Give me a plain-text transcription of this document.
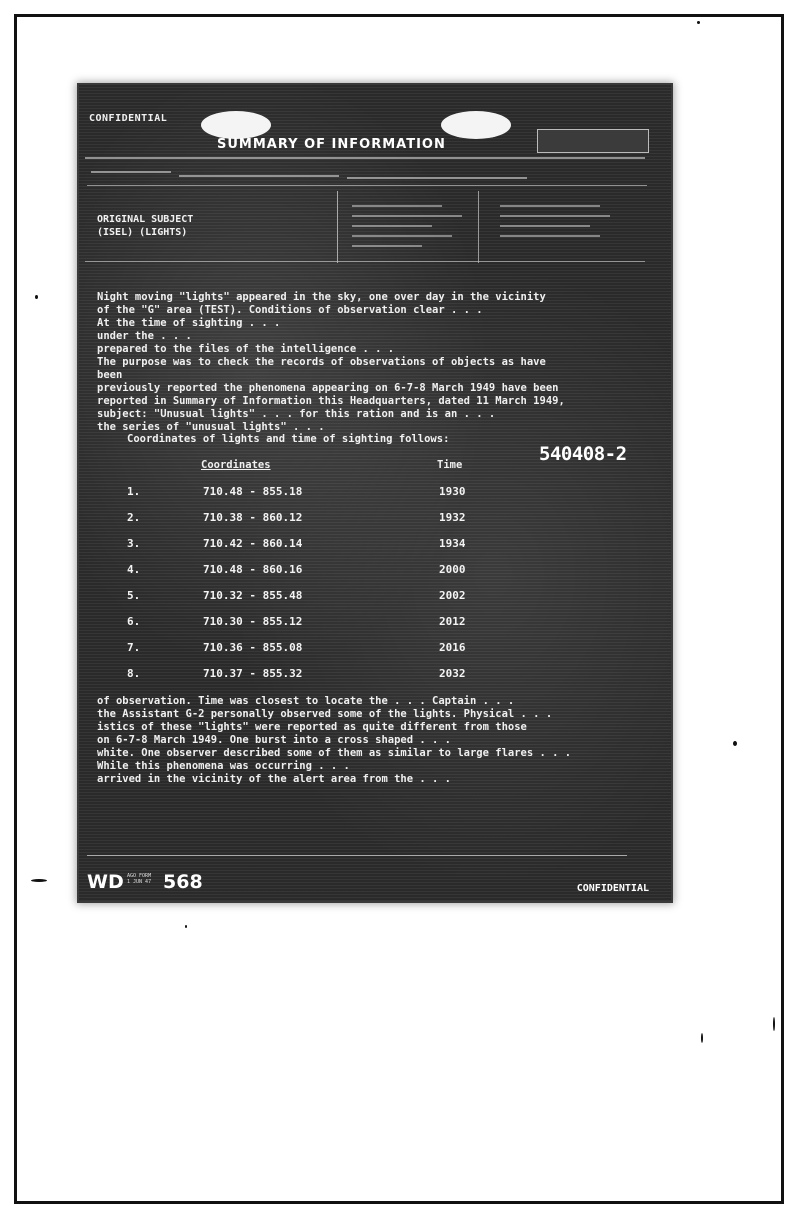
CONFIDENTIAL
SUMMARY OF INFORMATION
ORIGINAL SUBJECT
(ISEL) (LIGHTS)
Night moving "lights" appeared in the sky, one over day in the vicinity
of the "G" area (TEST). Conditions of observation clear . . .
At the time of sighting . . .
under the . . .
prepared to the files of the intelligence . . .
The purpose was to check the records of observations of objects as have been
previously reported the phenomena appearing on 6-7-8 March 1949 have been
reported in Summary of Information this Headquarters, dated 11 March 1949,
subject: "Unusual lights" . . . for this ration and is an . . .
the series of "unusual lights" . . .
Coordinates of lights and time of sighting follows:
540408-2
Coordinates	Time
1.	710.48 - 855.18	1930
2.	710.38 - 860.12	1932
3.	710.42 - 860.14	1934
4.	710.48 - 860.16	2000
5.	710.32 - 855.48	2002
6.	710.30 - 855.12	2012
7.	710.36 - 855.08	2016
8.	710.37 - 855.32	2032
of observation. Time was closest to locate the . . . Captain . . .
the Assistant G-2 personally observed some of the lights. Physical . . .
istics of these "lights" were reported as quite different from those
on 6-7-8 March 1949. One burst into a cross shaped . . .
white. One observer described some of them as similar to large flares . . .
While this phenomena was occurring . . .
arrived in the vicinity of the alert area from the . . .
WD AGO FORM
1 JUN 47 568	CONFIDENTIAL
